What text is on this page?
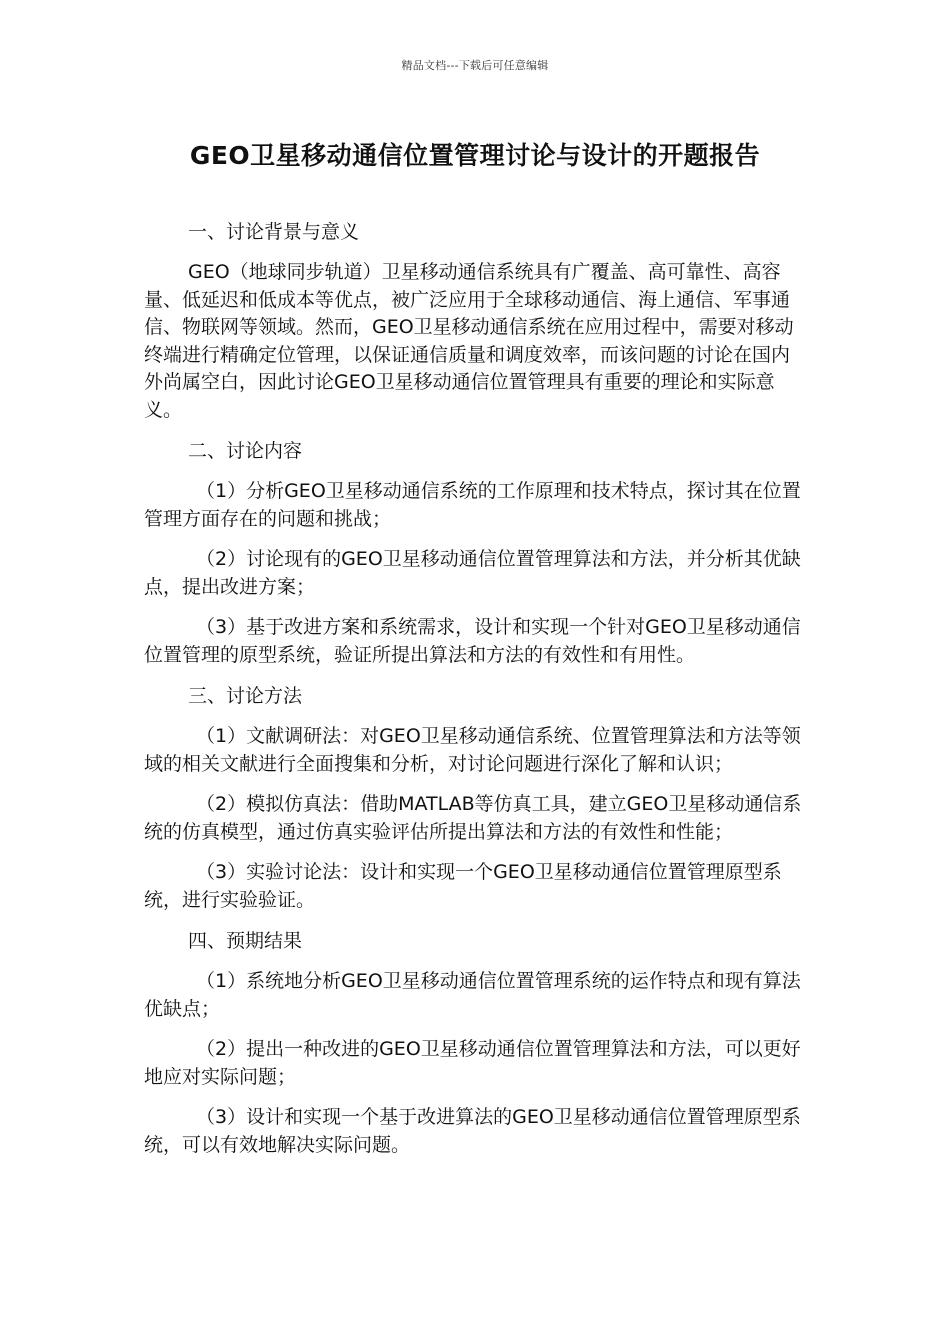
精品文档---下载后可任意编辑
GEO卫星移动通信位置管理讨论与设计的开题报告

一、讨论背景与意义

GEO（地球同步轨道）卫星移动通信系统具有广覆盖、高可靠性、高容量、低延迟和低成本等优点，被广泛应用于全球移动通信、海上通信、军事通信、物联网等领域。然而，GEO卫星移动通信系统在应用过程中，需要对移动终端进行精确定位管理，以保证通信质量和调度效率，而该问题的讨论在国内外尚属空白，因此讨论GEO卫星移动通信位置管理具有重要的理论和实际意义。

二、讨论内容

（1）分析GEO卫星移动通信系统的工作原理和技术特点，探讨其在位置管理方面存在的问题和挑战；

（2）讨论现有的GEO卫星移动通信位置管理算法和方法，并分析其优缺点，提出改进方案；

（3）基于改进方案和系统需求，设计和实现一个针对GEO卫星移动通信位置管理的原型系统，验证所提出算法和方法的有效性和有用性。

三、讨论方法

（1）文献调研法：对GEO卫星移动通信系统、位置管理算法和方法等领域的相关文献进行全面搜集和分析，对讨论问题进行深化了解和认识；

（2）模拟仿真法：借助MATLAB等仿真工具，建立GEO卫星移动通信系统的仿真模型，通过仿真实验评估所提出算法和方法的有效性和性能；

（3）实验讨论法：设计和实现一个GEO卫星移动通信位置管理原型系统，进行实验验证。

四、预期结果

（1）系统地分析GEO卫星移动通信位置管理系统的运作特点和现有算法优缺点；

（2）提出一种改进的GEO卫星移动通信位置管理算法和方法，可以更好地应对实际问题；

（3）设计和实现一个基于改进算法的GEO卫星移动通信位置管理原型系统，可以有效地解决实际问题。
